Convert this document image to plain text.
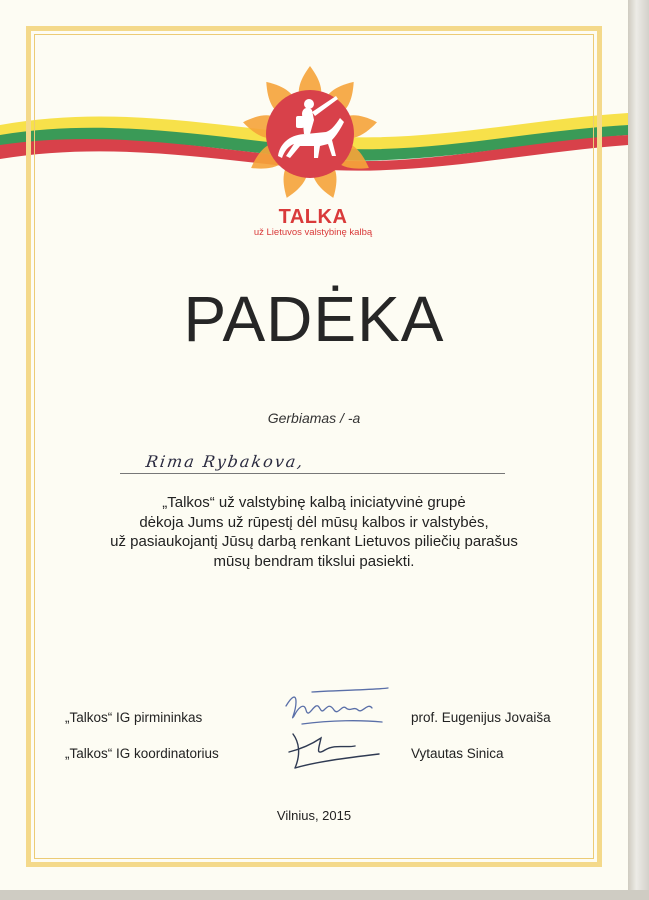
TALKA
už Lietuvos valstybinę kalbą
PADĖKA
Gerbiamas / -a
Rima Rybakova,
„Talkos“ už valstybinę kalbą iniciatyvinė grupė
dėkoja Jums už rūpestį dėl mūsų kalbos ir valstybės,
už pasiaukojantį Jūsų darbą renkant Lietuvos piliečių parašus
mūsų bendram tikslui pasiekti.
„Talkos“ IG pirmininkas	prof. Eugenijus Jovaiša
„Talkos“ IG koordinatorius	Vytautas Sinica
Vilnius, 2015
